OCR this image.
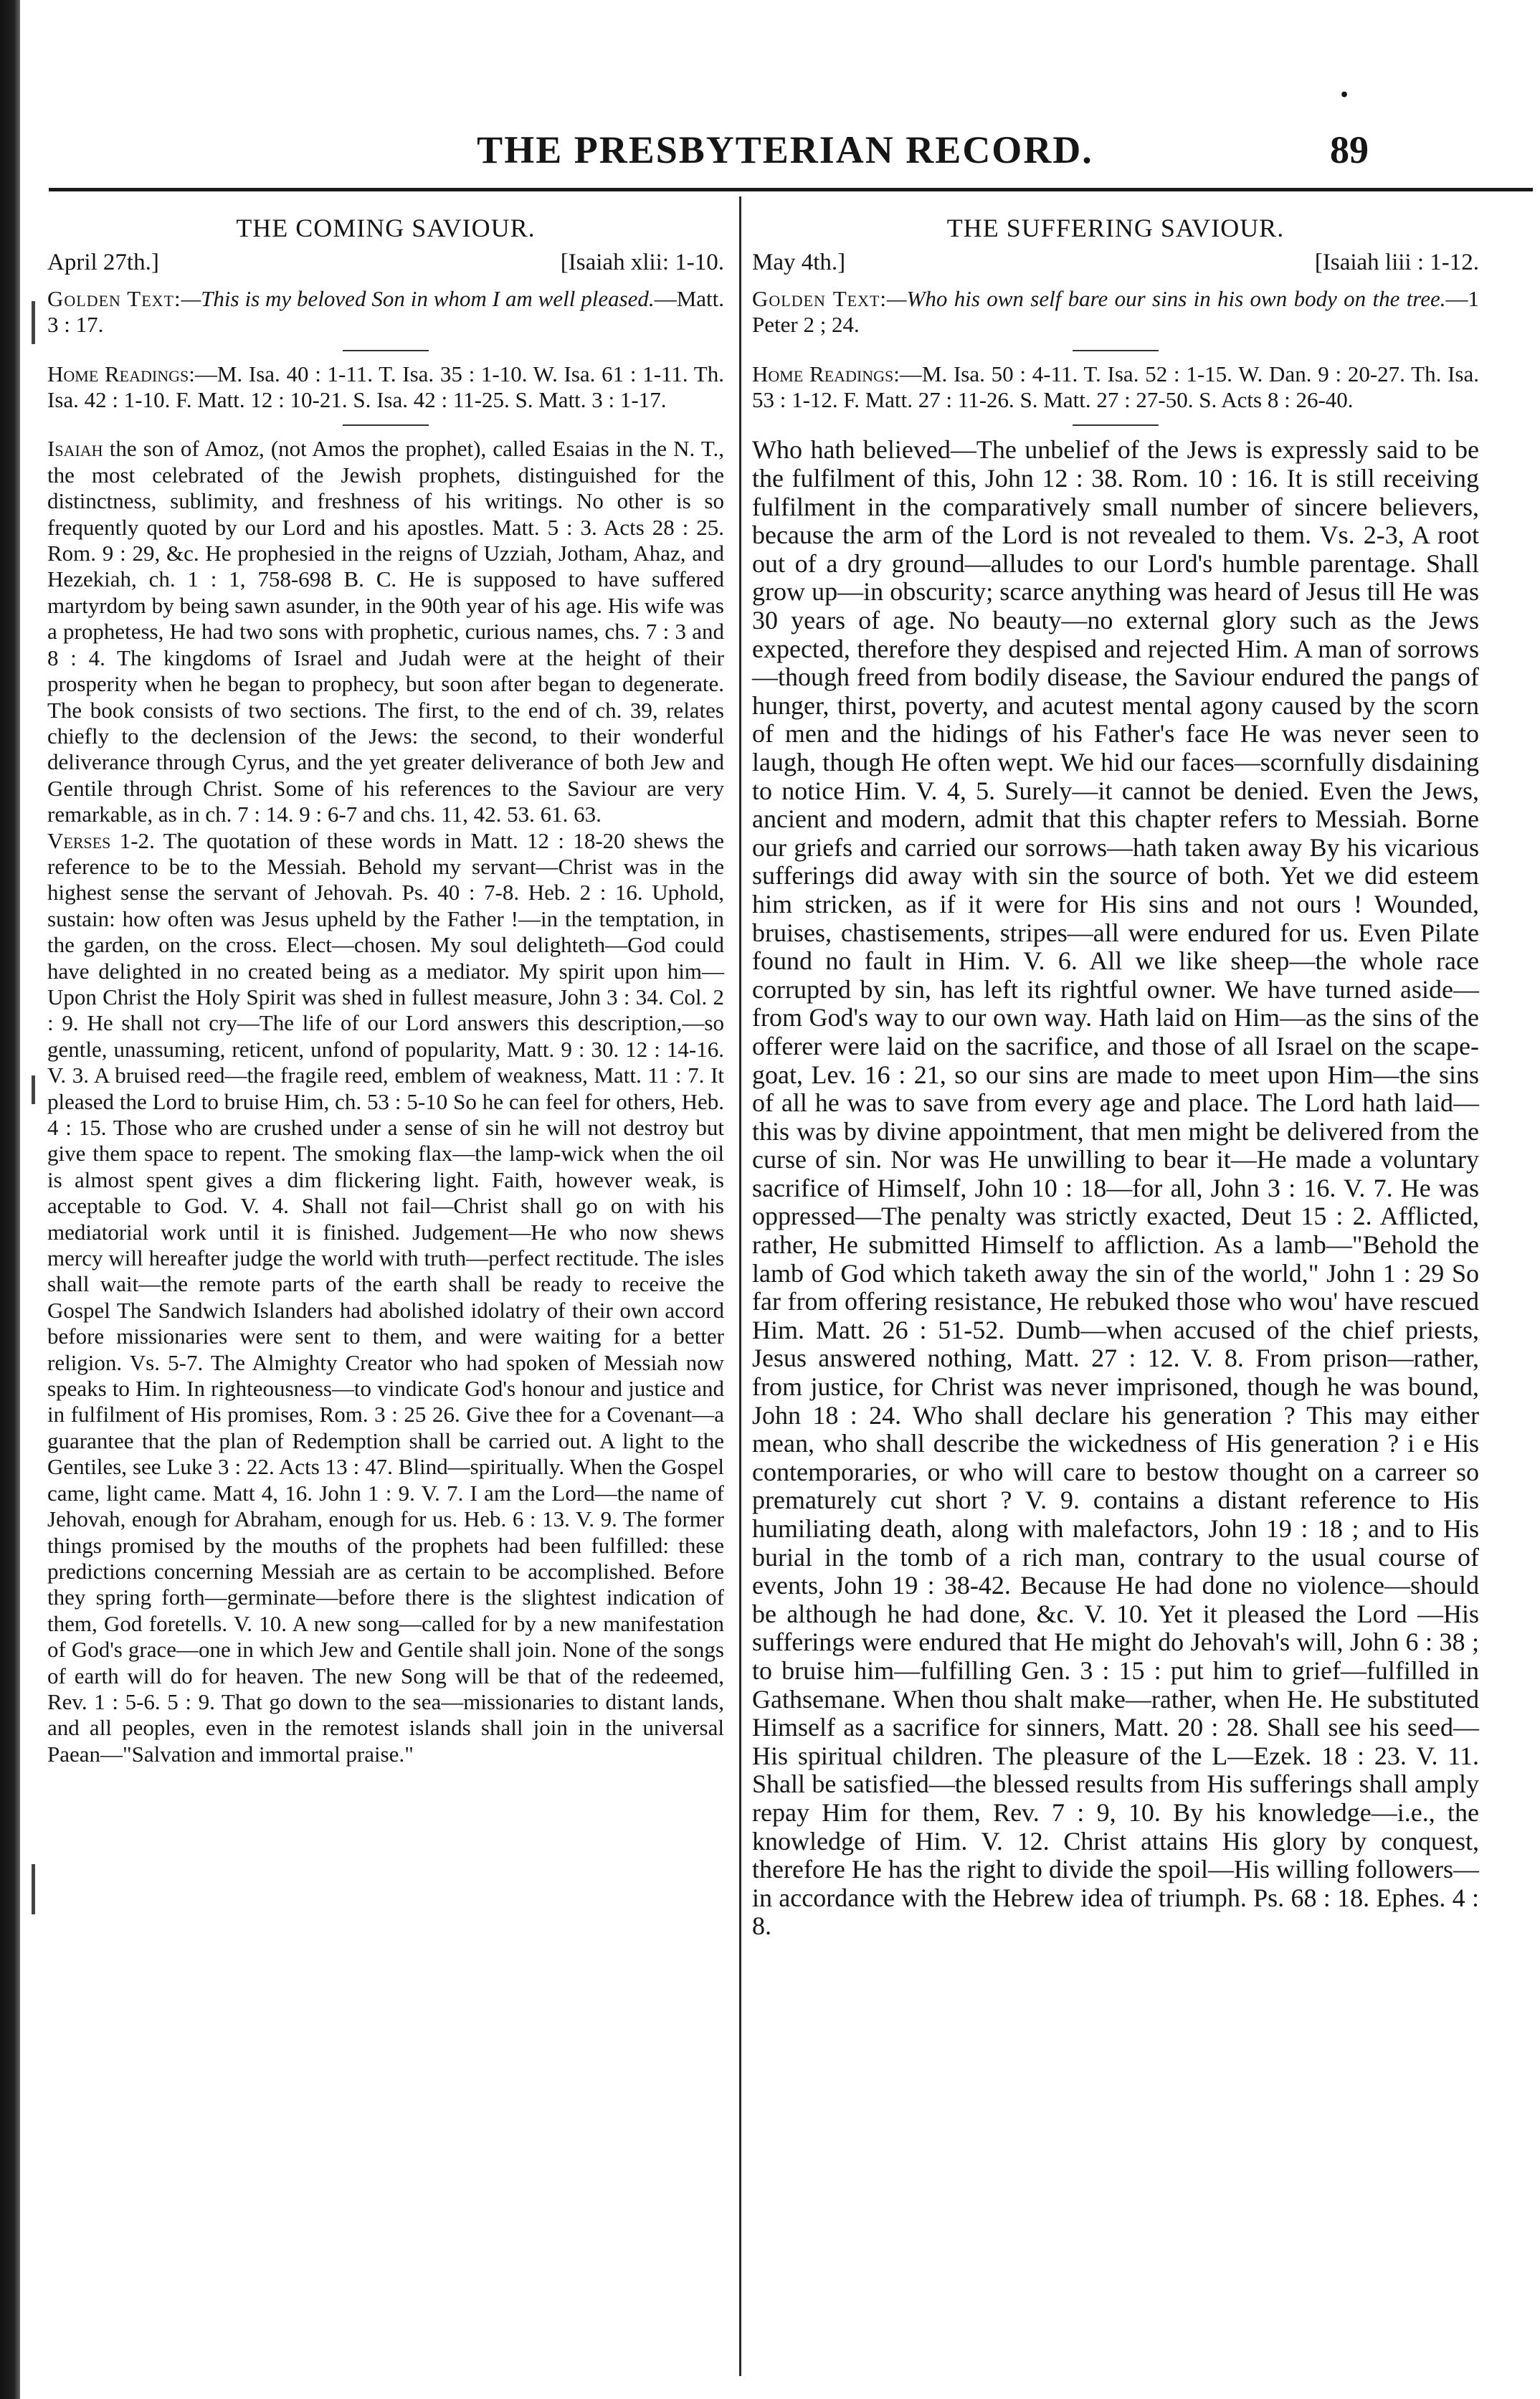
•
THE PRESBYTERIAN RECORD.	89
THE COMING SAVIOUR.
April 27th.]	[Isaiah xlii: 1-10.
Golden Text:—This is my beloved Son in whom I am well pleased.—Matt. 3 : 17.
Home Readings:—M. Isa. 40 : 1-11. T. Isa. 35 : 1-10. W. Isa. 61 : 1-11. Th. Isa. 42 : 1-10. F. Matt. 12 : 10-21. S. Isa. 42 : 11-25. S. Matt. 3 : 1-17.

Isaiah the son of Amoz, (not Amos the prophet), called Esaias in the N. T., the most celebrated of the Jewish prophets, distinguished for the distinctness, sublimity, and freshness of his writings. No other is so frequently quoted by our Lord and his apostles. Matt. 5 : 3. Acts 28 : 25. Rom. 9 : 29, &c. He prophesied in the reigns of Uzziah, Jotham, Ahaz, and Hezekiah, ch. 1 : 1, 758-698 B. C. He is supposed to have suffered martyrdom by being sawn asunder, in the 90th year of his age. His wife was a prophetess, He had two sons with prophetic, curious names, chs. 7 : 3 and 8 : 4. The kingdoms of Israel and Judah were at the height of their prosperity when he began to prophecy, but soon after began to degenerate. The book consists of two sections. The first, to the end of ch. 39, relates chiefly to the declension of the Jews: the second, to their wonderful deliverance through Cyrus, and the yet greater deliverance of both Jew and Gentile through Christ. Some of his references to the Saviour are very remarkable, as in ch. 7 : 14. 9 : 6-7 and chs. 11, 42. 53. 61. 63.

Verses 1-2. The quotation of these words in Matt. 12 : 18-20 shews the reference to be to the Messiah. Behold my servant—Christ was in the highest sense the servant of Jehovah. Ps. 40 : 7-8. Heb. 2 : 16. Uphold, sustain: how often was Jesus upheld by the Father !—in the temptation, in the garden, on the cross. Elect—chosen. My soul delighteth—God could have delighted in no created being as a mediator. My spirit upon him—Upon Christ the Holy Spirit was shed in fullest measure, John 3 : 34. Col. 2 : 9. He shall not cry—The life of our Lord answers this description,—so gentle, unassuming, reticent, unfond of popularity, Matt. 9 : 30. 12 : 14-16. V. 3. A bruised reed—the fragile reed, emblem of weakness, Matt. 11 : 7. It pleased the Lord to bruise Him, ch. 53 : 5-10 So he can feel for others, Heb. 4 : 15. Those who are crushed under a sense of sin he will not destroy but give them space to repent. The smoking flax—the lamp-wick when the oil is almost spent gives a dim flickering light. Faith, however weak, is acceptable to God. V. 4. Shall not fail—Christ shall go on with his mediatorial work until it is finished. Judgement—He who now shews mercy will hereafter judge the world with truth—perfect rectitude. The isles shall wait—the remote parts of the earth shall be ready to receive the Gospel The Sandwich Islanders had abolished idolatry of their own accord before missionaries were sent to them, and were waiting for a better religion. Vs. 5-7. The Almighty Creator who had spoken of Messiah now speaks to Him. In righteousness—to vindicate God's honour and justice and in fulfilment of His promises, Rom. 3 : 25 26. Give thee for a Covenant—a guarantee that the plan of Redemption shall be carried out. A light to the Gentiles, see Luke 3 : 22. Acts 13 : 47. Blind—spiritually. When the Gospel came, light came. Matt 4, 16. John 1 : 9. V. 7. I am the Lord—the name of Jehovah, enough for Abraham, enough for us. Heb. 6 : 13. V. 9. The former things promised by the mouths of the prophets had been fulfilled: these predictions concerning Messiah are as certain to be accomplished. Before they spring forth—germinate—before there is the slightest indication of them, God foretells. V. 10. A new song—called for by a new manifestation of God's grace—one in which Jew and Gentile shall join. None of the songs of earth will do for heaven. The new Song will be that of the redeemed, Rev. 1 : 5-6. 5 : 9. That go down to the sea—missionaries to distant lands, and all peoples, even in the remotest islands shall join in the universal Paean—"Salvation and immortal praise."

THE SUFFERING SAVIOUR.
May 4th.]	[Isaiah liii : 1-12.
Golden Text:—Who his own self bare our sins in his own body on the tree.—1 Peter 2 ; 24.
Home Readings:—M. Isa. 50 : 4-11. T. Isa. 52 : 1-15. W. Dan. 9 : 20-27. Th. Isa. 53 : 1-12. F. Matt. 27 : 11-26. S. Matt. 27 : 27-50. S. Acts 8 : 26-40.

Who hath believed—The unbelief of the Jews is expressly said to be the fulfilment of this, John 12 : 38. Rom. 10 : 16. It is still receiving fulfilment in the comparatively small number of sincere believers, because the arm of the Lord is not revealed to them. Vs. 2-3, A root out of a dry ground—alludes to our Lord's humble parentage. Shall grow up—in obscurity; scarce anything was heard of Jesus till He was 30 years of age. No beauty—no external glory such as the Jews expected, therefore they despised and rejected Him. A man of sorrows—though freed from bodily disease, the Saviour endured the pangs of hunger, thirst, poverty, and acutest mental agony caused by the scorn of men and the hidings of his Father's face He was never seen to laugh, though He often wept. We hid our faces—scornfully disdaining to notice Him. V. 4, 5. Surely—it cannot be denied. Even the Jews, ancient and modern, admit that this chapter refers to Messiah. Borne our griefs and carried our sorrows—hath taken away By his vicarious sufferings did away with sin the source of both. Yet we did esteem him stricken, as if it were for His sins and not ours ! Wounded, bruises, chastisements, stripes—all were endured for us. Even Pilate found no fault in Him. V. 6. All we like sheep—the whole race corrupted by sin, has left its rightful owner. We have turned aside—from God's way to our own way. Hath laid on Him—as the sins of the offerer were laid on the sacrifice, and those of all Israel on the scape-goat, Lev. 16 : 21, so our sins are made to meet upon Him—the sins of all he was to save from every age and place. The Lord hath laid—this was by divine appointment, that men might be delivered from the curse of sin. Nor was He unwilling to bear it—He made a voluntary sacrifice of Himself, John 10 : 18—for all, John 3 : 16. V. 7. He was oppressed—The penalty was strictly exacted, Deut 15 : 2. Afflicted, rather, He submitted Himself to affliction. As a lamb—"Behold the lamb of God which taketh away the sin of the world," John 1 : 29 So far from offering resistance, He rebuked those who wou' have rescued Him. Matt. 26 : 51-52. Dumb—when accused of the chief priests, Jesus answered nothing, Matt. 27 : 12. V. 8. From prison—rather, from justice, for Christ was never imprisoned, though he was bound, John 18 : 24. Who shall declare his generation ? This may either mean, who shall describe the wickedness of His generation ? i e His contemporaries, or who will care to bestow thought on a carreer so prematurely cut short ? V. 9. contains a distant reference to His humiliating death, along with malefactors, John 19 : 18 ; and to His burial in the tomb of a rich man, contrary to the usual course of events, John 19 : 38-42. Because He had done no violence—should be although he had done, &c. V. 10. Yet it pleased the Lord —His sufferings were endured that He might do Jehovah's will, John 6 : 38 ; to bruise him—fulfilling Gen. 3 : 15 : put him to grief—fulfilled in Gathsemane. When thou shalt make—rather, when He. He substituted Himself as a sacrifice for sinners, Matt. 20 : 28. Shall see his seed—His spiritual children. The pleasure of the L—Ezek. 18 : 23. V. 11. Shall be satisfied—the blessed results from His sufferings shall amply repay Him for them, Rev. 7 : 9, 10. By his knowledge—i.e., the knowledge of Him. V. 12. Christ attains His glory by conquest, therefore He has the right to divide the spoil—His willing followers—in accordance with the Hebrew idea of triumph. Ps. 68 : 18. Ephes. 4 : 8.
